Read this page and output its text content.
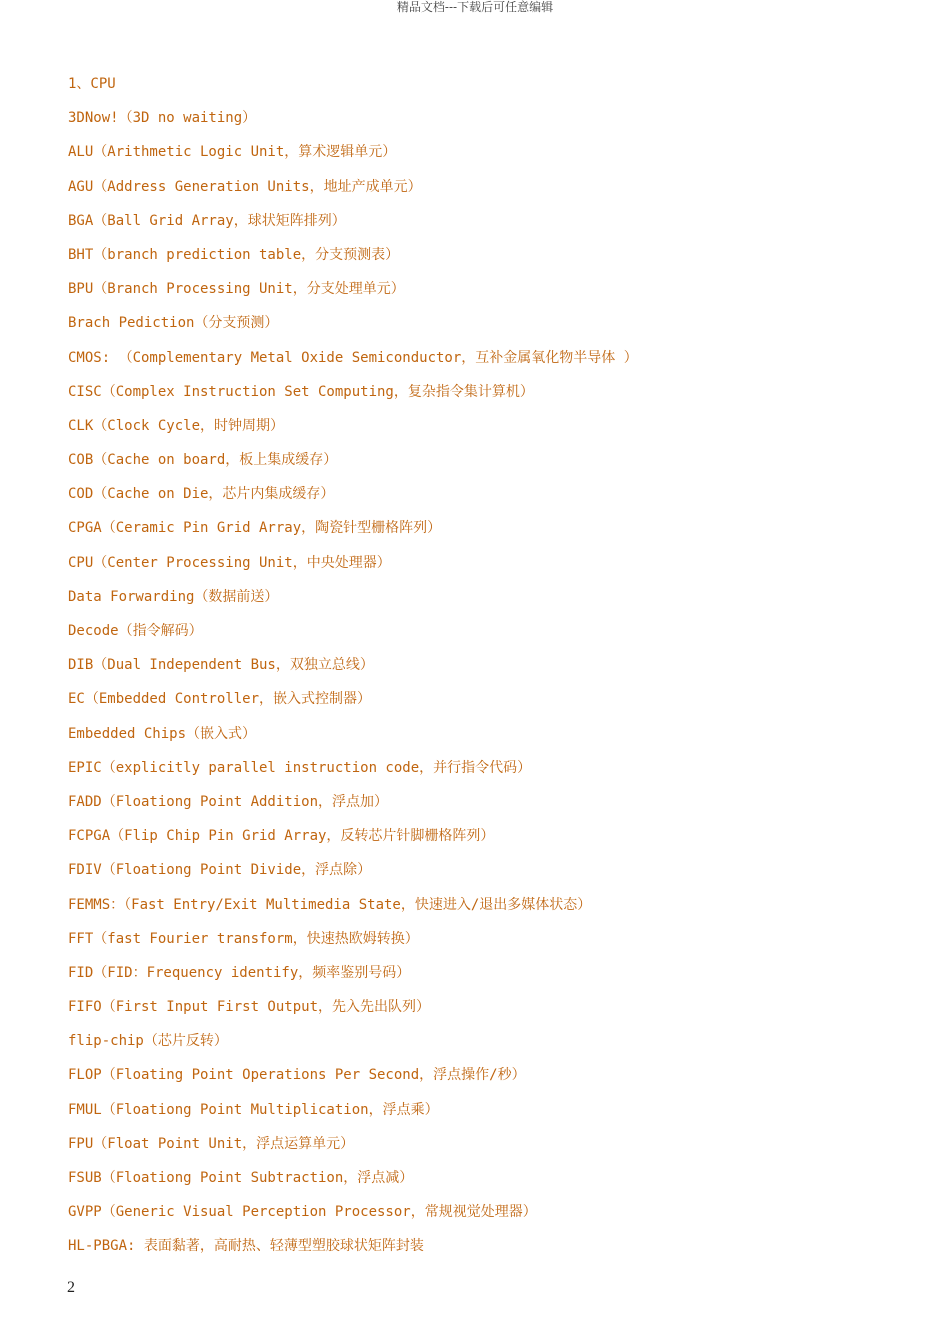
精品文档---下载后可任意编辑
1、CPU
3DNow!（3D no waiting）
ALU（Arithmetic Logic Unit，算术逻辑单元）
AGU（Address Generation Units，地址产成单元）
BGA（Ball Grid Array，球状矩阵排列）
BHT（branch prediction table，分支预测表）
BPU（Branch Processing Unit，分支处理单元）
Brach Pediction（分支预测）
CMOS: （Complementary Metal Oxide Semiconductor，互补金属氧化物半导体 ）
CISC（Complex Instruction Set Computing，复杂指令集计算机）
CLK（Clock Cycle，时钟周期）
COB（Cache on board，板上集成缓存）
COD（Cache on Die，芯片内集成缓存）
CPGA（Ceramic Pin Grid Array，陶瓷针型栅格阵列）
CPU（Center Processing Unit，中央处理器）
Data Forwarding（数据前送）
Decode（指令解码）
DIB（Dual Independent Bus，双独立总线）
EC（Embedded Controller，嵌入式控制器）
Embedded Chips（嵌入式）
EPIC（explicitly parallel instruction code，并行指令代码）
FADD（Floationg Point Addition，浮点加）
FCPGA（Flip Chip Pin Grid Array，反转芯片针脚栅格阵列）
FDIV（Floationg Point Divide，浮点除）
FEMMS：（Fast Entry/Exit Multimedia State，快速进入/退出多媒体状态）
FFT（fast Fourier transform，快速热欧姆转换）
FID（FID：Frequency identify，频率鉴别号码）
FIFO（First Input First Output，先入先出队列）
flip-chip（芯片反转）
FLOP（Floating Point Operations Per Second，浮点操作/秒）
FMUL（Floationg Point Multiplication，浮点乘）
FPU（Float Point Unit，浮点运算单元）
FSUB（Floationg Point Subtraction，浮点减）
GVPP（Generic Visual Perception Processor，常规视觉处理器）
HL-PBGA: 表面黏著，高耐热、轻薄型塑胶球状矩阵封装
2
